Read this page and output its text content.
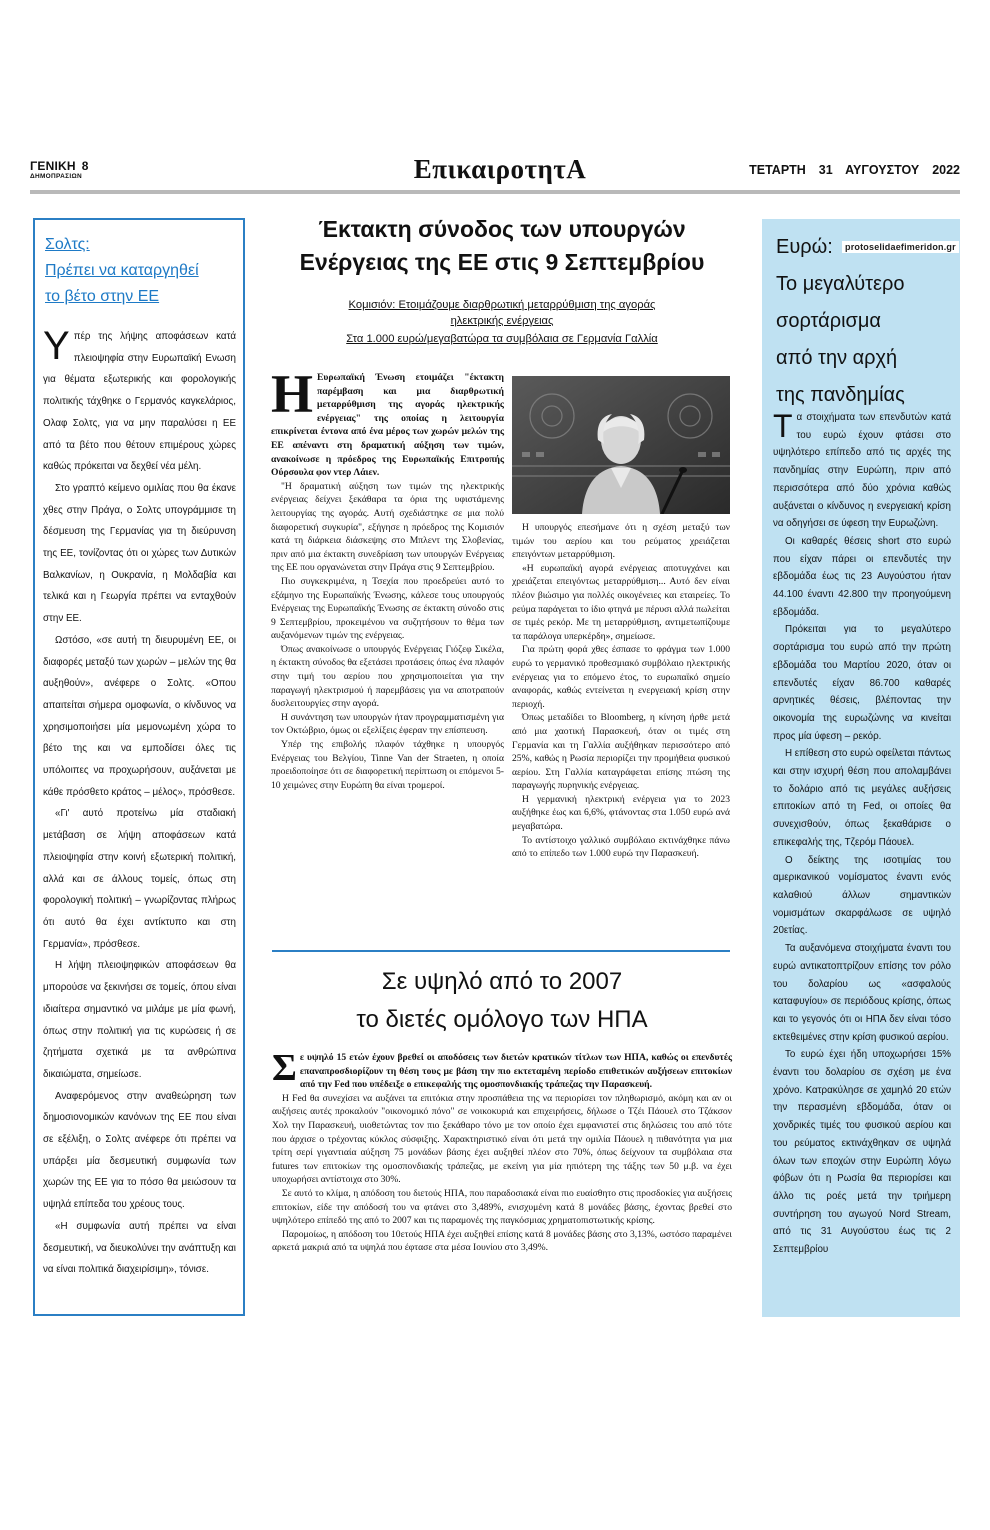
ΓΕΝΙΚΗ 8
ΔΗΜΟΠΡΑΣΙΩΝ	ΕπικαιροτητΑ	ΤΕΤΑΡΤΗ  31  ΑΥΓΟΥΣΤΟΥ  2022
Σολτς:
Πρέπει να καταργηθεί
το βέτο στην ΕΕ

Υπέρ της λήψης αποφάσεων κατά πλειοψηφία στην Ευρωπαϊκή Ενωση για θέματα εξωτερικής και φορολογικής πολιτικής τάχθηκε ο Γερμανός καγκελάριος, Ολαφ Σολτς, για να μην παραλύσει η ΕΕ από τα βέτο που θέτουν επιμέρους χώρες καθώς πρόκειται να δεχθεί νέα μέλη.

Στο γραπτό κείμενο ομιλίας που θα έκανε χθες στην Πράγα, ο Σολτς υπογράμμισε τη δέσμευση της Γερμανίας για τη διεύρυνση της ΕΕ, τονίζοντας ότι οι χώρες των Δυτικών Βαλκανίων, η Ουκρανία, η Μολδαβία και τελικά και η Γεωργία πρέπει να ενταχθούν στην ΕΕ.

Ωστόσο, «σε αυτή τη διευρυμένη ΕΕ, οι διαφορές μεταξύ των χωρών – μελών της θα αυξηθούν», ανέφερε ο Σολτς. «Οπου απαιτείται σήμερα ομοφωνία, ο κίνδυνος να χρησιμοποιήσει μία μεμονωμένη χώρα το βέτο της και να εμποδίσει όλες τις υπόλοιπες να προχωρήσουν, αυξάνεται με κάθε πρόσθετο κράτος – μέλος», πρόσθεσε.

«Γι' αυτό προτείνω μία σταδιακή μετάβαση σε λήψη αποφάσεων κατά πλειοψηφία στην κοινή εξωτερική πολιτική, αλλά και σε άλλους τομείς, όπως στη φορολογική πολιτική – γνωρίζοντας πλήρως ότι αυτό θα έχει αντίκτυπο και στη Γερμανία», πρόσθεσε.

Η λήψη πλειοψηφικών αποφάσεων θα μπορούσε να ξεκινήσει σε τομείς, όπου είναι ιδιαίτερα σημαντικό να μιλάμε με μία φωνή, όπως στην πολιτική για τις κυρώσεις ή σε ζητήματα σχετικά με τα ανθρώπινα δικαιώματα, σημείωσε.

Αναφερόμενος στην αναθεώρηση των δημοσιονομικών κανόνων της ΕΕ που είναι σε εξέλιξη, ο Σολτς ανέφερε ότι πρέπει να υπάρξει μία δεσμευτική συμφωνία των χωρών της ΕΕ για το πόσο θα μειώσουν τα υψηλά επίπεδα του χρέους τους.

«Η συμφωνία αυτή πρέπει να είναι δεσμευτική, να διευκολύνει την ανάπτυξη και να είναι πολιτικά διαχειρίσιμη», τόνισε.

Ευρώ:
Το μεγαλύτερο
σορτάρισμα
από την αρχή
της πανδημίας
protoselidaefimeridon.gr

Τα στοιχήματα των επενδυτών κατά του ευρώ έχουν φτάσει στο υψηλότερο επίπεδο από τις αρχές της πανδημίας στην Ευρώπη, πριν από περισσότερα από δύο χρόνια καθώς αυξάνεται ο κίνδυνος η ενεργειακή κρίση να οδηγήσει σε ύφεση την Ευρωζώνη.

Οι καθαρές θέσεις short στο ευρώ που είχαν πάρει οι επενδυτές την εβδομάδα έως τις 23 Αυγούστου ήταν 44.100 έναντι 42.800 την προηγούμενη εβδομάδα.

Πρόκειται για το μεγαλύτερο σορτάρισμα του ευρώ από την πρώτη εβδομάδα του Μαρτίου 2020, όταν οι επενδυτές είχαν 86.700 καθαρές αρνητικές θέσεις, βλέποντας την οικονομία της ευρωζώνης να κινείται προς μία ύφεση – ρεκόρ.

Η επίθεση στο ευρώ οφείλεται πάντως και στην ισχυρή θέση που απολαμβάνει το δολάριο από τις μεγάλες αυξήσεις επιτοκίων από τη Fed, οι οποίες θα συνεχισθούν, όπως ξεκαθάρισε ο επικεφαλής της, Τζερόμ Πάουελ.

Ο δείκτης της ισοτιμίας του αμερικανικού νομίσματος έναντι ενός καλαθιού άλλων σημαντικών νομισμάτων σκαρφάλωσε σε υψηλό 20ετίας.

Τα αυξανόμενα στοιχήματα έναντι του ευρώ αντικατοπτρίζουν επίσης τον ρόλο του δολαρίου ως «ασφαλούς καταφυγίου» σε περιόδους κρίσης, όπως και το γεγονός ότι οι ΗΠΑ δεν είναι τόσο εκτεθειμένες στην κρίση φυσικού αερίου.

Το ευρώ έχει ήδη υποχωρήσει 15% έναντι του δολαρίου σε σχέση με ένα χρόνο. Κατρακύλησε σε χαμηλό 20 ετών την περασμένη εβδομάδα, όταν οι χονδρικές τιμές του φυσικού αερίου και του ρεύματος εκτινάχθηκαν σε υψηλά όλων των εποχών στην Ευρώπη λόγω φόβων ότι η Ρωσία θα περιορίσει και άλλο τις ροές μετά την τριήμερη συντήρηση του αγωγού Nord Stream, από τις 31 Αυγούστου έως τις 2 Σεπτεμβρίου

Έκτακτη σύνοδος των υπουργών
Ενέργειας της ΕΕ στις 9 Σεπτεμβρίου
Κομισιόν: Ετοιμάζουμε διαρθρωτική μεταρρύθμιση της αγοράς
ηλεκτρικής ενέργειας
Στα 1.000 ευρώ/μεγαβατώρα τα συμβόλαια σε Γερμανία Γαλλία

Η Ευρωπαϊκή Ένωση ετοιμάζει "έκτακτη παρέμβαση και μια διαρθρωτική μεταρρύθμιση της αγοράς ηλεκτρικής ενέργειας" της οποίας η λειτουργία επικρίνεται έντονα από ένα μέρος των χωρών μελών της ΕΕ απέναντι στη δραματική αύξηση των τιμών, ανακοίνωσε η πρόεδρος της Ευρωπαϊκής Επιτροπής Ούρσουλα φον ντερ Λάιεν.

"Η δραματική αύξηση των τιμών της ηλεκτρικής ενέργειας δείχνει ξεκάθαρα τα όρια της υφιστάμενης λειτουργίας της αγοράς. Αυτή σχεδιάστηκε σε μια πολύ διαφορετική συγκυρία", εξήγησε η πρόεδρος της Κομισιόν κατά τη διάρκεια διάσκεψης στο Μπλεντ της Σλοβενίας, πριν από μια έκτακτη συνεδρίαση των υπουργών Ενέργειας της ΕΕ που οργανώνεται στην Πράγα στις 9 Σεπτεμβρίου.

Πιο συγκεκριμένα, η Τσεχία που προεδρεύει αυτό το εξάμηνο της Ευρωπαϊκής Ένωσης, κάλεσε τους υπουργούς Ενέργειας της Ευρωπαϊκής Ένωσης σε έκτακτη σύνοδο στις 9 Σεπτεμβρίου, προκειμένου να συζητήσουν το θέμα των αυξανόμενων τιμών της ενέργειας.

Όπως ανακοίνωσε ο υπουργός Ενέργειας Γιόζεφ Σικέλα, η έκτακτη σύνοδος θα εξετάσει προτάσεις όπως ένα πλαφόν στην τιμή του αερίου που χρησιμοποιείται για την παραγωγή ηλεκτρισμού ή παρεμβάσεις για να αποτραπούν δυσλειτουργίες στην αγορά.

Η συνάντηση των υπουργών ήταν προγραμματισμένη για τον Οκτώβριο, όμως οι εξελίξεις έφεραν την επίσπευση.

Υπέρ της επιβολής πλαφόν τάχθηκε η υπουργός Ενέργειας του Βελγίου, Tinne Van der Straeten, η οποία προειδοποίησε ότι σε διαφορετική περίπτωση οι επόμενοι 5-10 χειμώνες στην Ευρώπη θα είναι τρομεροί.

Η υπουργός επεσήμανε ότι η σχέση μεταξύ των τιμών του αερίου και του ρεύματος χρειάζεται επειγόντων μεταρρύθμιση.

«Η ευρωπαϊκή αγορά ενέργειας αποτυγχάνει και χρειάζεται επειγόντως μεταρρύθμιση... Αυτό δεν είναι πλέον βιώσιμο για πολλές οικογένειες και εταιρείες. Το ρεύμα παράγεται το ίδιο φτηνά με πέρυσι αλλά πωλείται σε τιμές ρεκόρ. Με τη μεταρρύθμιση, αντιμετωπίζουμε τα παράλογα υπερκέρδη», σημείωσε.

Για πρώτη φορά χθες έσπασε το φράγμα των 1.000 ευρώ το γερμανικό προθεσμιακό συμβόλαιο ηλεκτρικής ενέργειας για το επόμενο έτος, το ευρωπαϊκό σημείο αναφοράς, καθώς εντείνεται η ενεργειακή κρίση στην περιοχή.

Όπως μεταδίδει το Bloomberg, η κίνηση ήρθε μετά από μια χαοτική Παρασκευή, όταν οι τιμές στη Γερμανία και τη Γαλλία αυξήθηκαν περισσότερο από 25%, καθώς η Ρωσία περιορίζει την προμήθεια φυσικού αερίου. Στη Γαλλία καταγράφεται επίσης πτώση της παραγωγής πυρηνικής ενέργειας.

Η γερμανική ηλεκτρική ενέργεια για το 2023 αυξήθηκε έως και 6,6%, φτάνοντας στα 1.050 ευρώ ανά μεγαβατώρα.

Το αντίστοιχο γαλλικό συμβόλαιο εκτινάχθηκε πάνω από το επίπεδο των 1.000 ευρώ την Παρασκευή.

Σε υψηλό από το 2007
το διετές ομόλογο των ΗΠΑ

Σε υψηλό 15 ετών έχουν βρεθεί οι αποδόσεις των διετών κρατικών τίτλων των ΗΠΑ, καθώς οι επενδυτές επαναπροσδιορίζουν τη θέση τους με βάση την πιο εκτεταμένη περίοδο επιθετικών αυξήσεων επιτοκίων από την Fed που υπέδειξε ο επικεφαλής της ομοσπονδιακής τράπεζας την Παρασκευή.

Η Fed θα συνεχίσει να αυξάνει τα επιτόκια στην προσπάθεια της να περιορίσει τον πληθωρισμό, ακόμη και αν οι αυξήσεις αυτές προκαλούν "οικονομικό πόνο" σε νοικοκυριά και επιχειρήσεις, δήλωσε ο Τζέι Πάουελ στο Τζάκσον Χολ την Παρασκευή, υιοθετώντας τον πιο ξεκάθαρο τόνο με τον οποίο έχει εμφανιστεί στις δηλώσεις του από τότε που άρχισε ο τρέχοντας κύκλος σύσφιξης. Χαρακτηριστικό είναι ότι μετά την ομιλία Πάουελ η πιθανότητα για μια τρίτη σερί γιγαντιαία αύξηση 75 μονάδων βάσης έχει αυξηθεί πλέον στο 70%, όπως δείχνουν τα συμβόλαια στα futures των επιτοκίων της ομοσπονδιακής τράπεζας, με εκείνη για μία ηπιότερη της τάξης των 50 μ.β. να έχει υποχωρήσει αντίστοιχα στο 30%.

Σε αυτό το κλίμα, η απόδοση του διετούς ΗΠΑ, που παραδοσιακά είναι πιο ευαίσθητο στις προσδοκίες για αυξήσεις επιτοκίων, είδε την απόδοσή του να φτάνει στο 3,489%, ενισχυμένη κατά 8 μονάδες βάσης, έχοντας βρεθεί στο υψηλότερο επίπεδό της από το 2007 και τις παραμονές της παγκόσμιας χρηματοπιστωτικής κρίσης.

Παρομοίως, η απόδοση του 10ετούς ΗΠΑ έχει αυξηθεί επίσης κατά 8 μονάδες βάσης στο 3,13%, ωστόσο παραμένει αρκετά μακριά από τα υψηλά που έφτασε στα μέσα Ιουνίου στο 3,49%.
